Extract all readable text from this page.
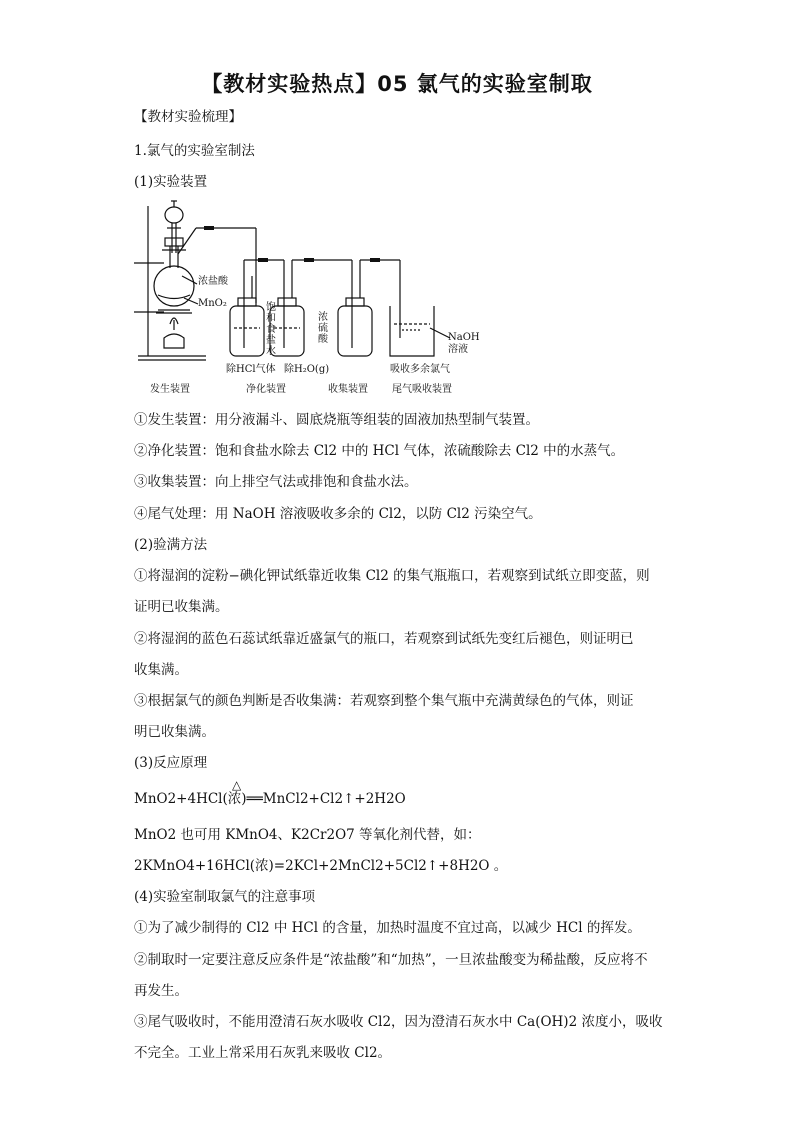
【教材实验热点】05 氯气的实验室制取
【教材实验梳理】
1.氯气的实验室制法
(1)实验装置
浓盐酸
MnO₂	饱
和
食
盐
水
浓
硫
酸	NaOH
溶液
除HCl气体 除H₂O(g)	吸收多余氯气
发生装置	净化装置	收集装置 尾气吸收装置
①发生装置：用分液漏斗、圆底烧瓶等组装的固液加热型制气装置。
②净化装置：饱和食盐水除去 Cl2 中的 HCl 气体，浓硫酸除去 Cl2 中的水蒸气。
③收集装置：向上排空气法或排饱和食盐水法。
④尾气处理：用 NaOH 溶液吸收多余的 Cl2，以防 Cl2 污染空气。
(2)验满方法
①将湿润的淀粉−碘化钾试纸靠近收集 Cl2 的集气瓶瓶口，若观察到试纸立即变蓝，则
证明已收集满。
②将湿润的蓝色石蕊试纸靠近盛氯气的瓶口，若观察到试纸先变红后褪色，则证明已
收集满。
③根据氯气的颜色判断是否收集满：若观察到整个集气瓶中充满黄绿色的气体，则证
明已收集满。
(3)反应原理
△
MnO2+4HCl(浓)══MnCl2+Cl2↑+2H2O
MnO2 也可用 KMnO4、K2Cr2O7 等氧化剂代替，如：
2KMnO4+16HCl(浓)=2KCl+2MnCl2+5Cl2↑+8H2O 。
(4)实验室制取氯气的注意事项
①为了减少制得的 Cl2 中 HCl 的含量，加热时温度不宜过高，以减少 HCl 的挥发。
②制取时一定要注意反应条件是“浓盐酸”和“加热”，一旦浓盐酸变为稀盐酸，反应将不
再发生。
③尾气吸收时，不能用澄清石灰水吸收 Cl2，因为澄清石灰水中 Ca(OH)2 浓度小，吸收
不完全。工业上常采用石灰乳来吸收 Cl2。
